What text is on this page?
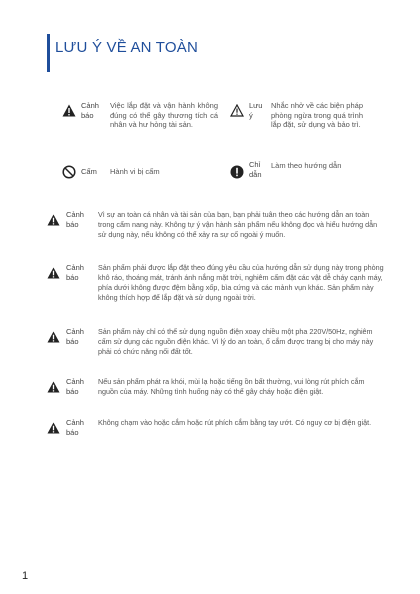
LƯU Ý VỀ AN TOÀN
Cảnh báo
Việc lắp đặt và vận hành không đúng có thể gây thương tích cá nhân và hư hỏng tài sản.
Lưu ý
Nhắc nhở về các biện pháp phòng ngừa trong quá trình lắp đặt, sử dụng và bảo trì.
Cấm	Hành vi bị cấm
Chỉ dẫn
Làm theo hướng dẫn
Cảnh báo
Vì sự an toàn cá nhân và tài sản của bạn, bạn phải tuân theo các hướng dẫn an toàn trong cẩm nang này. Không tự ý vận hành sản phẩm nếu không đọc và hiểu hướng dẫn sử dụng này, nếu không có thể xảy ra sự cố ngoài ý muốn.
Cảnh báo
Sản phẩm phải được lắp đặt theo đúng yêu cầu của hướng dẫn sử dụng này trong phòng khô ráo, thoáng mát, tránh ánh nắng mặt trời, nghiêm cấm đặt các vật dễ cháy cạnh máy, phía dưới không được đệm bằng xốp, bìa cứng và các mảnh vụn khác. Sản phẩm này không thích hợp để lắp đặt và sử dụng ngoài trời.
Cảnh báo
Sản phẩm này chỉ có thể sử dụng nguồn điện xoay chiều một pha 220V/50Hz, nghiêm cấm sử dụng các nguồn điện khác. Vì lý do an toàn, ổ cắm được trang bị cho máy này phải có chức năng nối đất tốt.
Cảnh báo
Nếu sản phẩm phát ra khói, mùi lạ hoặc tiếng ồn bất thường, vui lòng rút phích cắm nguồn của máy. Những tình huống này có thể gây cháy hoặc điện giật.
Cảnh báo
Không chạm vào hoặc cắm hoặc rút phích cắm bằng tay ướt. Có nguy cơ bị điện giật.
1
